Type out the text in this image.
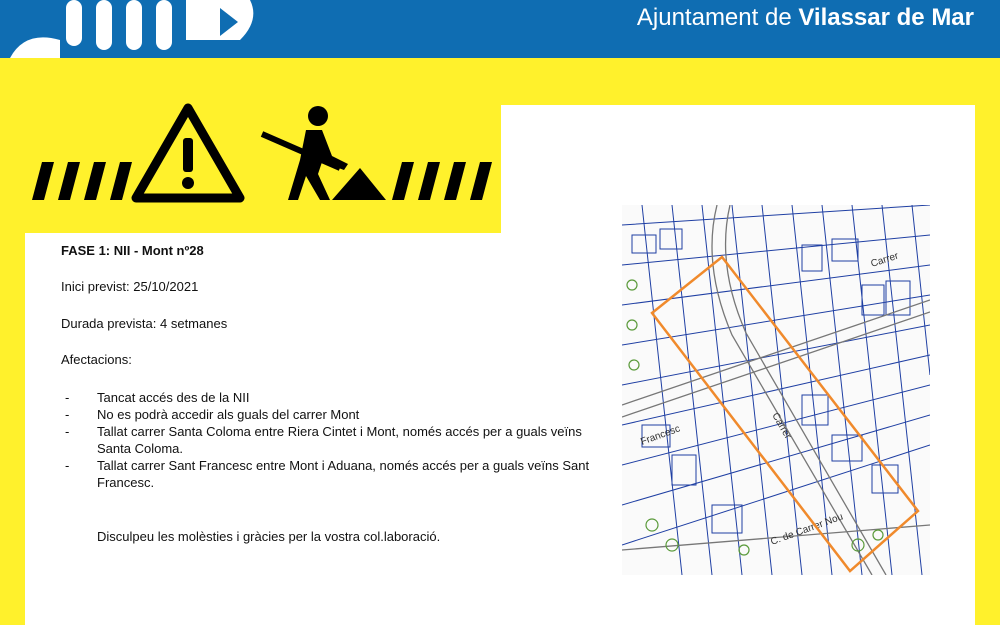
Ajuntament de Vilassar de Mar

FASE 1: NII - Mont nº28

Inici previst: 25/10/2021

Durada prevista: 4 setmanes

Afectacions:

- Tancat accés des de la NII
- No es podrà accedir als guals del carrer Mont
- Tallat carrer Santa Coloma entre Riera Cintet i Mont, només accés per a guals veïns Santa Coloma.
- Tallat carrer Sant Francesc entre Mont i Aduana, només accés per a guals veïns Sant Francesc.

Disculpeu les molèsties i gràcies per la vostra col.laboració.

Carrer
Francesc	Carrer
C. de Carrer Nou
